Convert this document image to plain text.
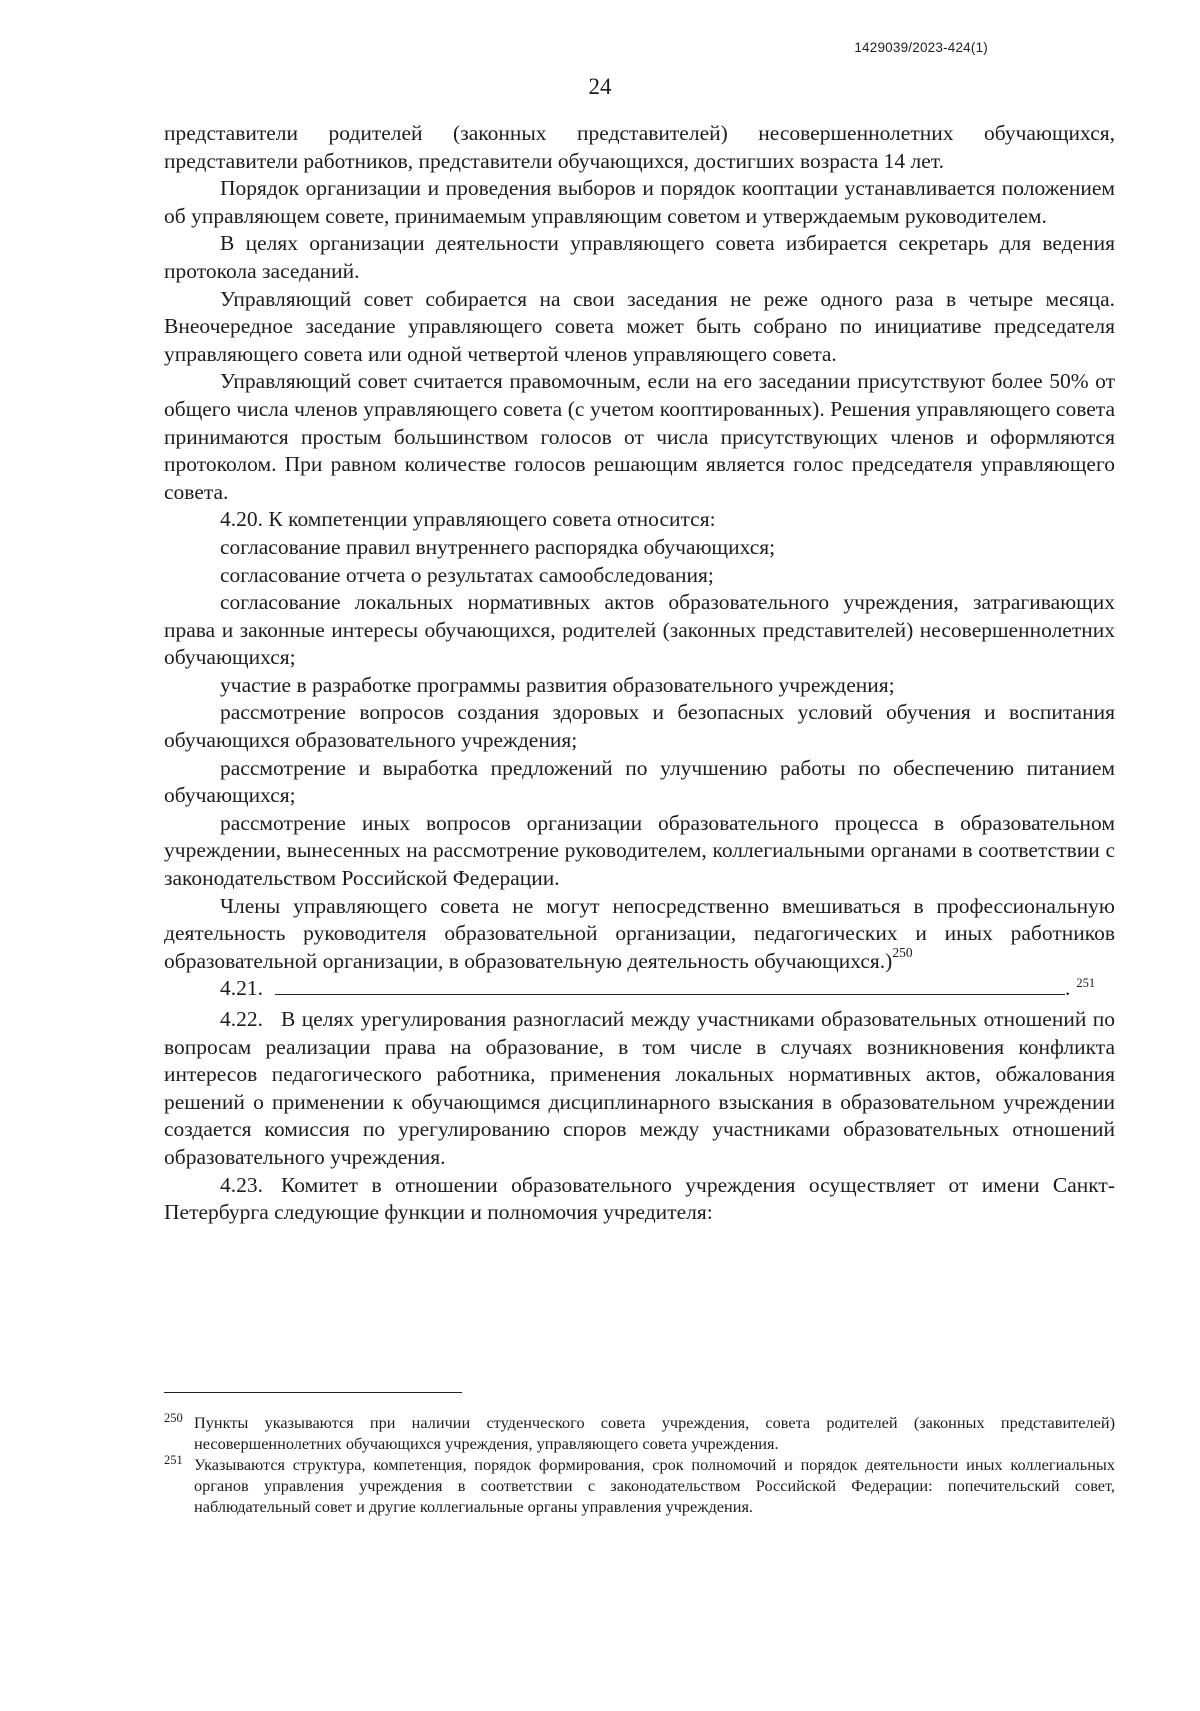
1429039/2023-424(1)
24

представители родителей (законных представителей) несовершеннолетних обучающихся, представители работников, представители обучающихся, достигших возраста 14 лет.

Порядок организации и проведения выборов и порядок кооптации устанавливается положением об управляющем совете, принимаемым управляющим советом и утверждаемым руководителем.

В целях организации деятельности управляющего совета избирается секретарь для ведения протокола заседаний.

Управляющий совет собирается на свои заседания не реже одного раза в четыре месяца. Внеочередное заседание управляющего совета может быть собрано по инициативе председателя управляющего совета или одной четвертой членов управляющего совета.

Управляющий совет считается правомочным, если на его заседании присутствуют более 50% от общего числа членов управляющего совета (с учетом кооптированных). Решения управляющего совета принимаются простым большинством голосов от числа присутствующих членов и оформляются протоколом. При равном количестве голосов решающим является голос председателя управляющего совета.

4.20. К компетенции управляющего совета относится:

согласование правил внутреннего распорядка обучающихся;

согласование отчета о результатах самообследования;

согласование локальных нормативных актов образовательного учреждения, затрагивающих права и законные интересы обучающихся, родителей (законных представителей) несовершеннолетних обучающихся;

участие в разработке программы развития образовательного учреждения;

рассмотрение вопросов создания здоровых и безопасных условий обучения и воспитания обучающихся образовательного учреждения;

рассмотрение и выработка предложений по улучшению работы по обеспечению питанием обучающихся;

рассмотрение иных вопросов организации образовательного процесса в образовательном учреждении, вынесенных на рассмотрение руководителем, коллегиальными органами в соответствии с законодательством Российской Федерации.

Члены управляющего совета не могут непосредственно вмешиваться в профессиональную деятельность руководителя образовательной организации, педагогических и иных работников образовательной организации, в образовательную деятельность обучающихся.)$^{250}$

4.21.	. $^{251}$

4.22. В целях урегулирования разногласий между участниками образовательных отношений по вопросам реализации права на образование, в том числе в случаях возникновения конфликта интересов педагогического работника, применения локальных нормативных актов, обжалования решений о применении к обучающимся дисциплинарного взыскания в образовательном учреждении создается комиссия по урегулированию споров между участниками образовательных отношений образовательного учреждения.

4.23. Комитет в отношении образовательного учреждения осуществляет от имени Санкт-Петербурга следующие функции и полномочия учредителя:

250 Пункты указываются при наличии студенческого совета учреждения, совета родителей (законных представителей) несовершеннолетних обучающихся учреждения, управляющего совета учреждения.
251 Указываются структура, компетенция, порядок формирования, срок полномочий и порядок деятельности иных коллегиальных органов управления учреждения в соответствии с законодательством Российской Федерации: попечительский совет, наблюдательный совет и другие коллегиальные органы управления учреждения.
